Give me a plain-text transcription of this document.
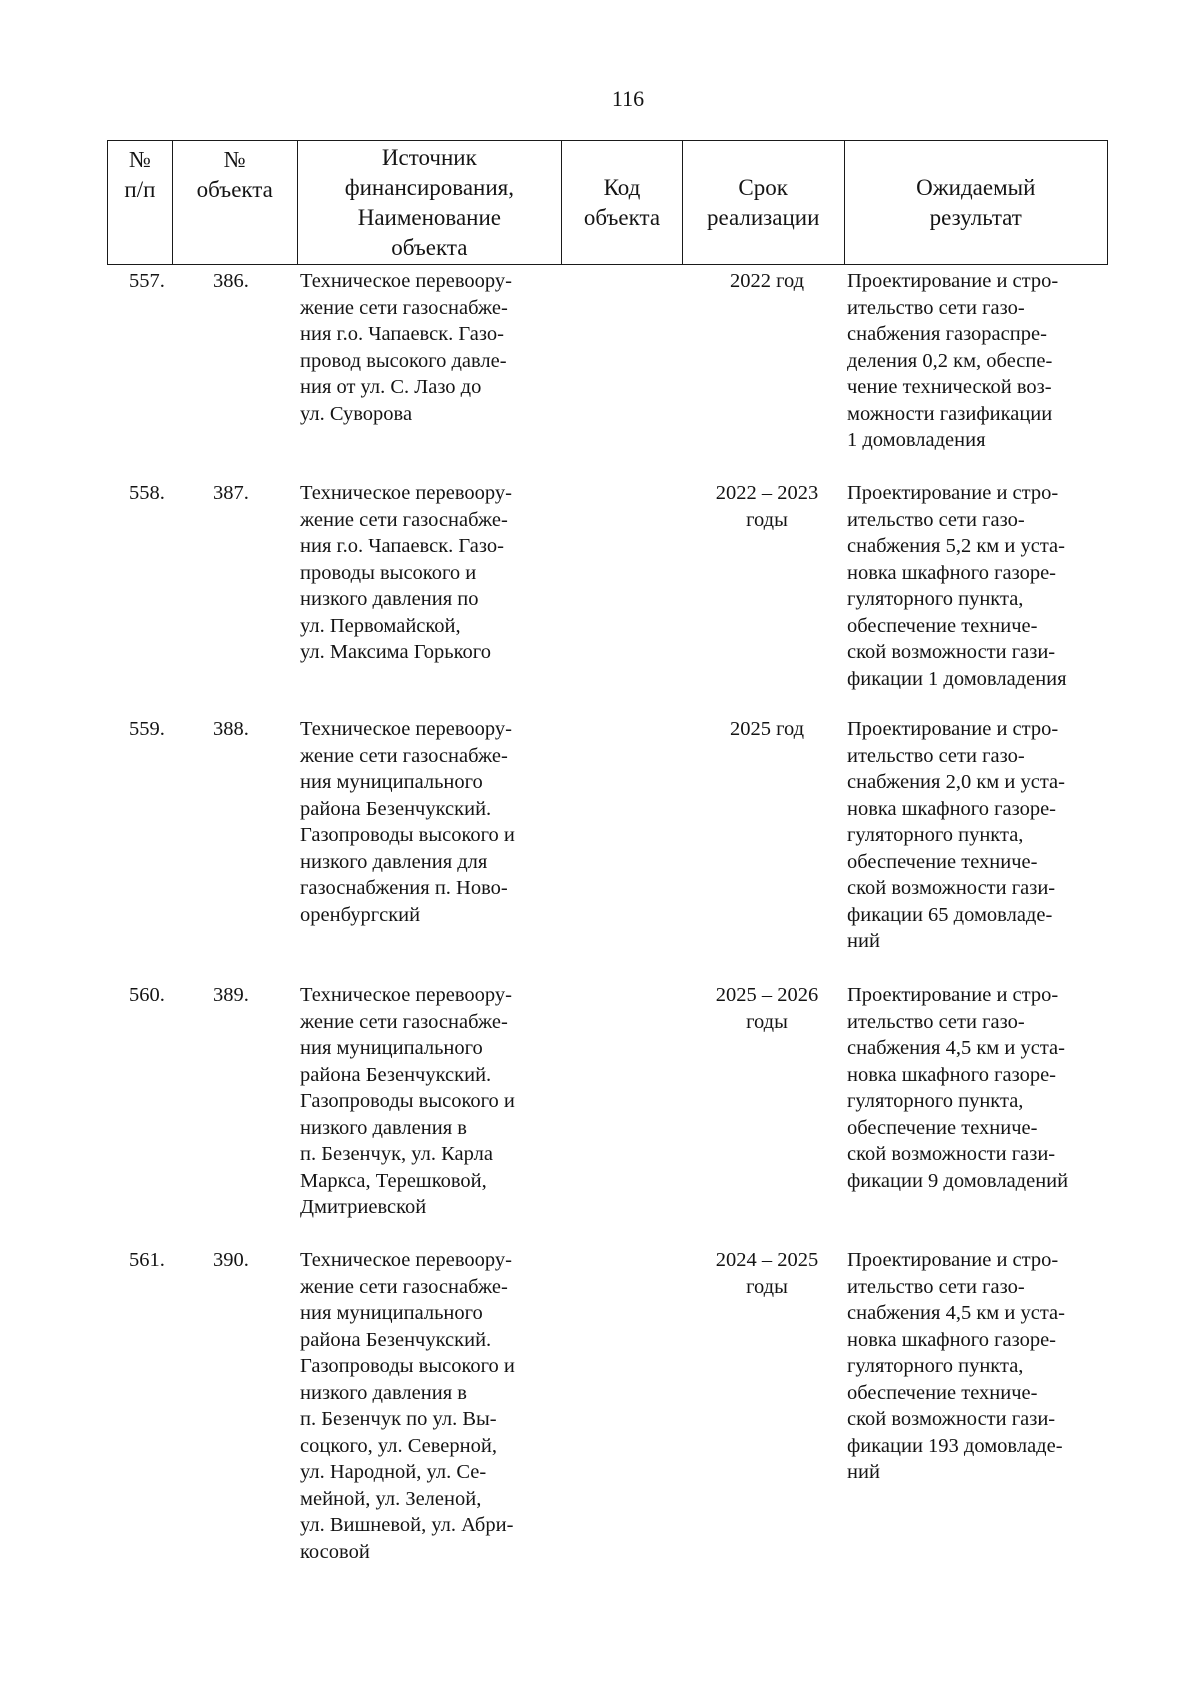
116
№
п/п
№
объекта
Источник
финансирования,
Наименование
объекта
Код
объекта
Срок
реализации
Ожидаемый
результат
557. 386. Техническое перевоору-
жение сети газоснабже-
ния г.о. Чапаевск. Газо-
провод высокого давле-
ния от ул. С. Лазо до
ул. Суворова
2022 год	Проектирование и стро-
ительство сети газо-
снабжения газораспре-
деления 0,2 км, обеспе-
чение технической воз-
можности газификации
1 домовладения
558. 387. Техническое перевоору-
жение сети газоснабже-
ния г.о. Чапаевск. Газо-
проводы высокого и
низкого давления по
ул. Первомайской,
ул. Максима Горького
2022 – 2023
годы
Проектирование и стро-
ительство сети газо-
снабжения 5,2 км и уста-
новка шкафного газоре-
гуляторного пункта,
обеспечение техниче-
ской возможности гази-
фикации 1 домовладения
559. 388. Техническое перевоору-
жение сети газоснабже-
ния муниципального
района Безенчукский.
Газопроводы высокого и
низкого давления для
газоснабжения п. Ново-
оренбургский
2025 год	Проектирование и стро-
ительство сети газо-
снабжения 2,0 км и уста-
новка шкафного газоре-
гуляторного пункта,
обеспечение техниче-
ской возможности гази-
фикации 65 домовладе-
ний
560. 389. Техническое перевоору-
жение сети газоснабже-
ния муниципального
района Безенчукский.
Газопроводы высокого и
низкого давления в
п. Безенчук, ул. Карла
Маркса, Терешковой,
Дмитриевской
2025 – 2026
годы
Проектирование и стро-
ительство сети газо-
снабжения 4,5 км и уста-
новка шкафного газоре-
гуляторного пункта,
обеспечение техниче-
ской возможности гази-
фикации 9 домовладений
561. 390. Техническое перевоору-
жение сети газоснабже-
ния муниципального
района Безенчукский.
Газопроводы высокого и
низкого давления в
п. Безенчук по ул. Вы-
соцкого, ул. Северной,
ул. Народной, ул. Се-
мейной, ул. Зеленой,
ул. Вишневой, ул. Абри-
косовой
2024 – 2025
годы
Проектирование и стро-
ительство сети газо-
снабжения 4,5 км и уста-
новка шкафного газоре-
гуляторного пункта,
обеспечение техниче-
ской возможности гази-
фикации 193 домовладе-
ний
